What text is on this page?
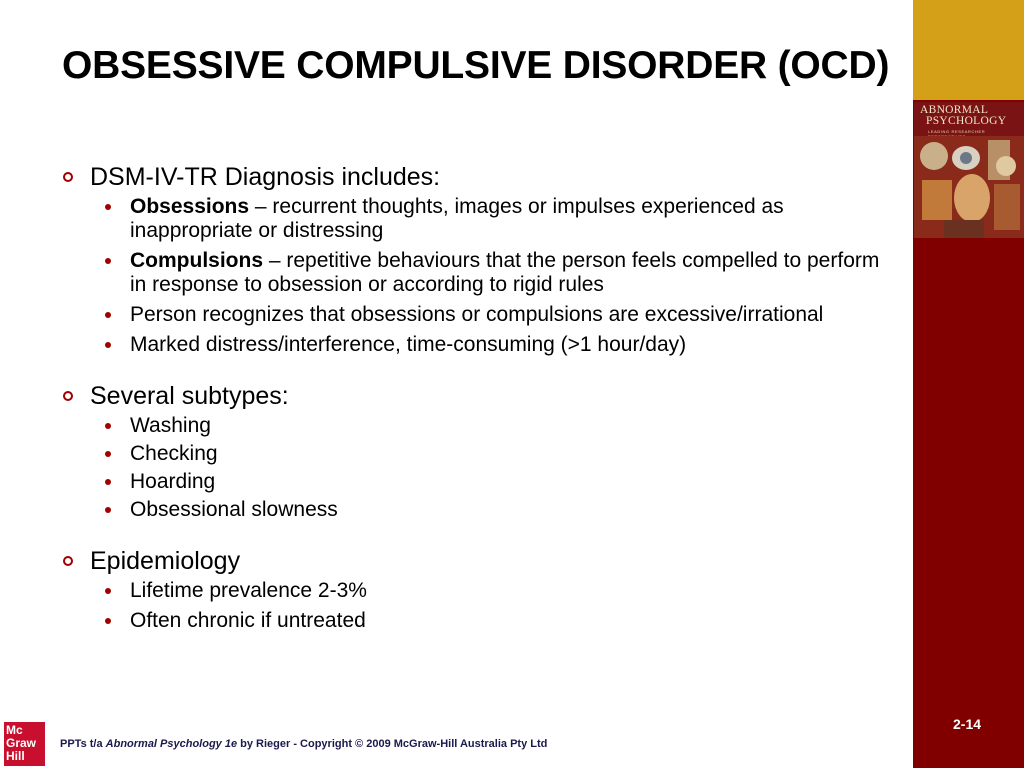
ABNORMAL
PSYCHOLOGY
LEADING RESEARCHER
2-14
OBSESSIVE COMPULSIVE DISORDER (OCD)
DSM-IV-TR Diagnosis includes:
Obsessions – recurrent thoughts, images or impulses experienced as inappropriate or distressing
Compulsions – repetitive behaviours that the person feels compelled to perform in response to obsession or according to rigid rules
Person recognizes that obsessions or compulsions are excessive/irrational
Marked distress/interference, time-consuming (>1 hour/day)
Several subtypes:
Washing
Checking
Hoarding
Obsessional slowness
Epidemiology
Lifetime prevalence 2-3%
Often chronic if untreated
Mc
Graw
Hill
PPTs t/a Abnormal Psychology 1e by Rieger - Copyright © 2009 McGraw-Hill Australia Pty Ltd
